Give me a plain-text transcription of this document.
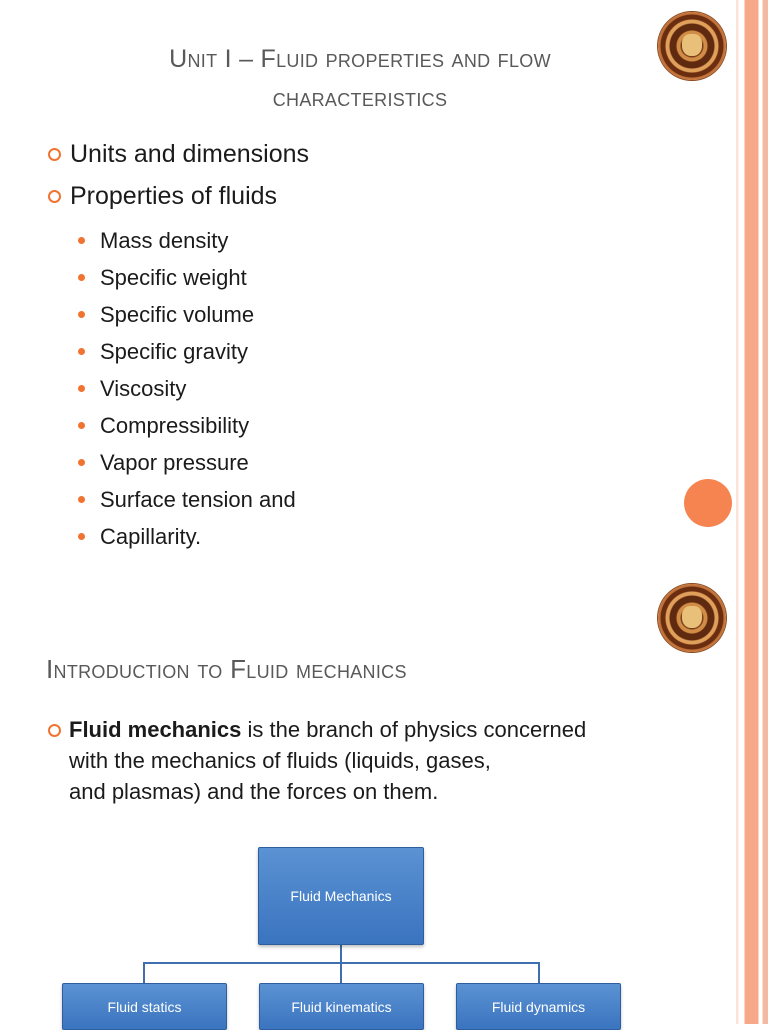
Unit I – Fluid properties and flow
characteristics
Units and dimensions
Properties of fluids
Mass density
Specific weight
Specific volume
Specific gravity
Viscosity
Compressibility
Vapor pressure
Surface tension and
Capillarity.
Introduction to Fluid mechanics
Fluid mechanics is the branch of physics concerned
with the mechanics of fluids (liquids, gases,
and plasmas) and the forces on them.
Fluid Mechanics
Fluid statics	Fluid kinematics	Fluid dynamics
